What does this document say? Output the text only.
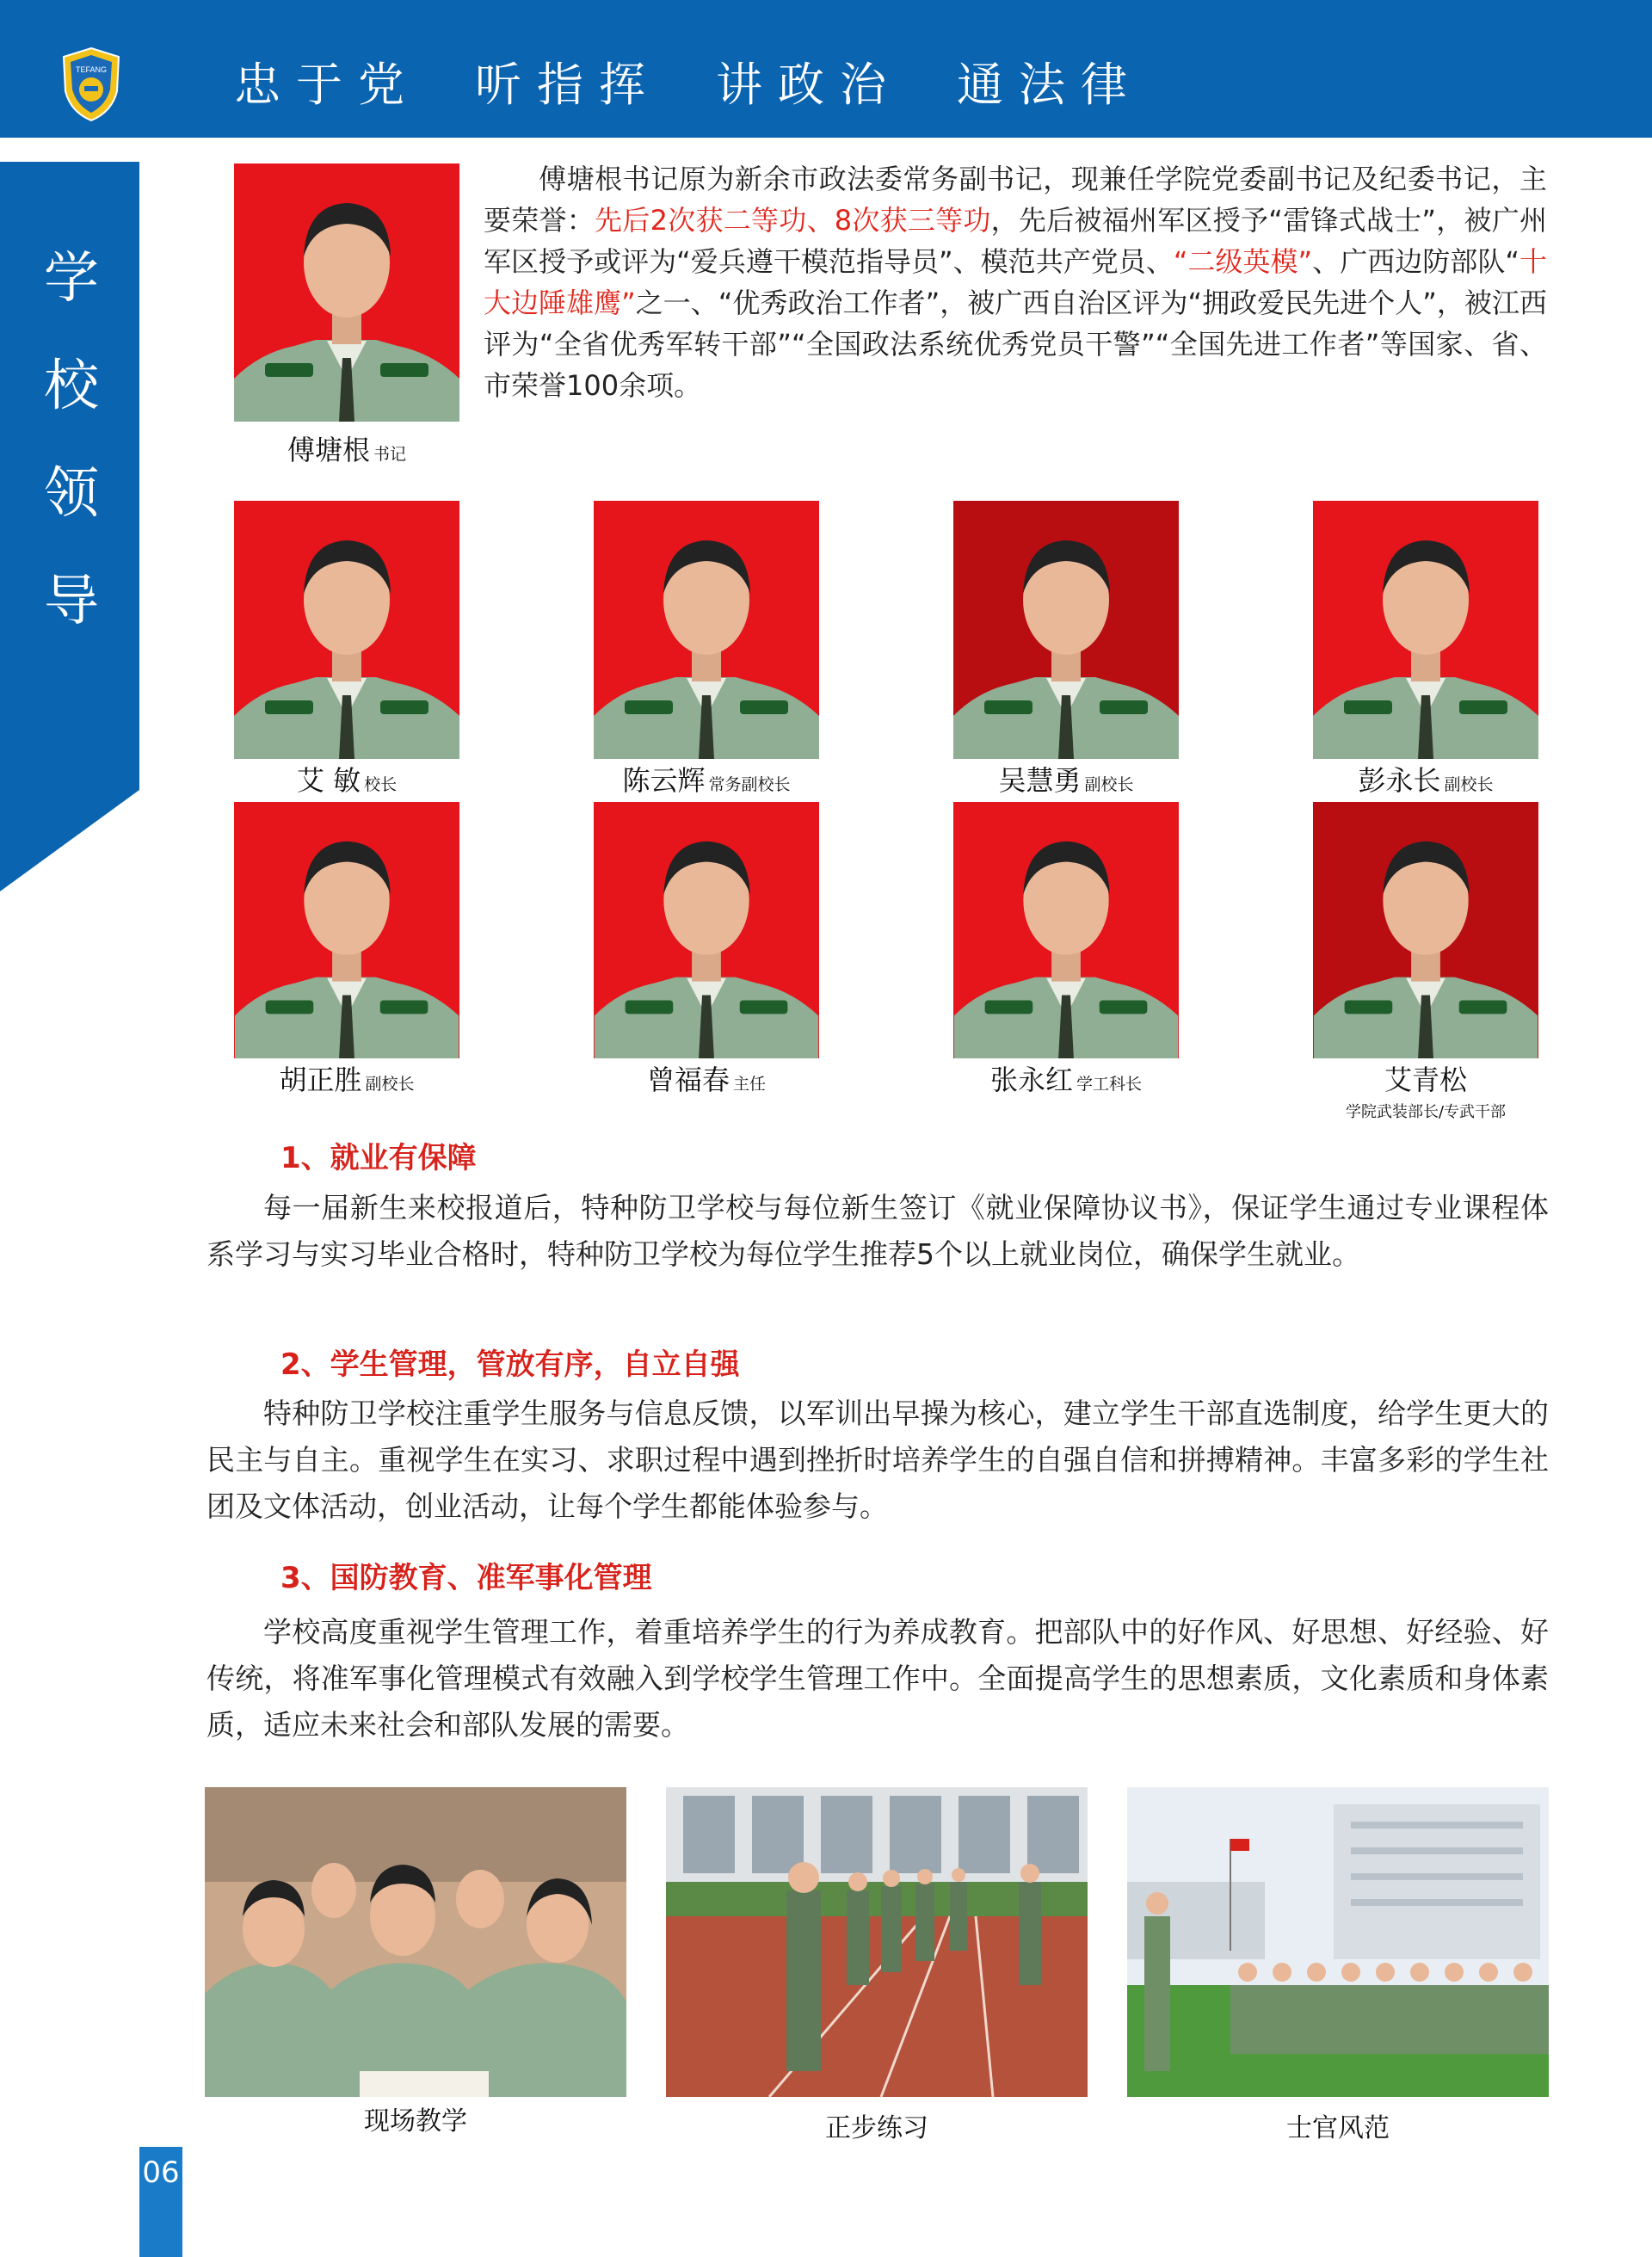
TEFANG	忠于党 听指挥 讲政治 通法律
学
校
领
导
傅塘根 书记
傅塘根书记原为新余市政法委常务副书记，现兼任学院党委副书记及纪委书记，主要荣誉：先后2次获二等功、8次获三等功，先后被福州军区授予“雷锋式战士”，被广州军区授予或评为“爱兵遵干模范指导员”、模范共产党员、“二级英模”、广西边防部队“十大边陲雄鹰”之一、“优秀政治工作者”，被广西自治区评为“拥政爱民先进个人”，被江西评为“全省优秀军转干部”“全国政法系统优秀党员干警”“全国先进工作者”等国家、省、市荣誉100余项。
艾 敏 校长	陈云辉 常务副校长	吴慧勇 副校长	彭永长 副校长
胡正胜 副校长	曾福春 主任	张永红 学工科长	艾青松
学院武装部长/专武干部
1、就业有保障
每一届新生来校报道后，特种防卫学校与每位新生签订《就业保障协议书》，保证学生通过专业课程体系学习与实习毕业合格时，特种防卫学校为每位学生推荐5个以上就业岗位，确保学生就业。
2、学生管理，管放有序，自立自强
特种防卫学校注重学生服务与信息反馈，以军训出早操为核心，建立学生干部直选制度，给学生更大的民主与自主。重视学生在实习、求职过程中遇到挫折时培养学生的自强自信和拼搏精神。丰富多彩的学生社团及文体活动，创业活动，让每个学生都能体验参与。
3、国防教育、准军事化管理
学校高度重视学生管理工作，着重培养学生的行为养成教育。把部队中的好作风、好思想、好经验、好传统，将准军事化管理模式有效融入到学校学生管理工作中。全面提高学生的思想素质，文化素质和身体素质，适应未来社会和部队发展的需要。
现场教学	正步练习	士官风范
06
